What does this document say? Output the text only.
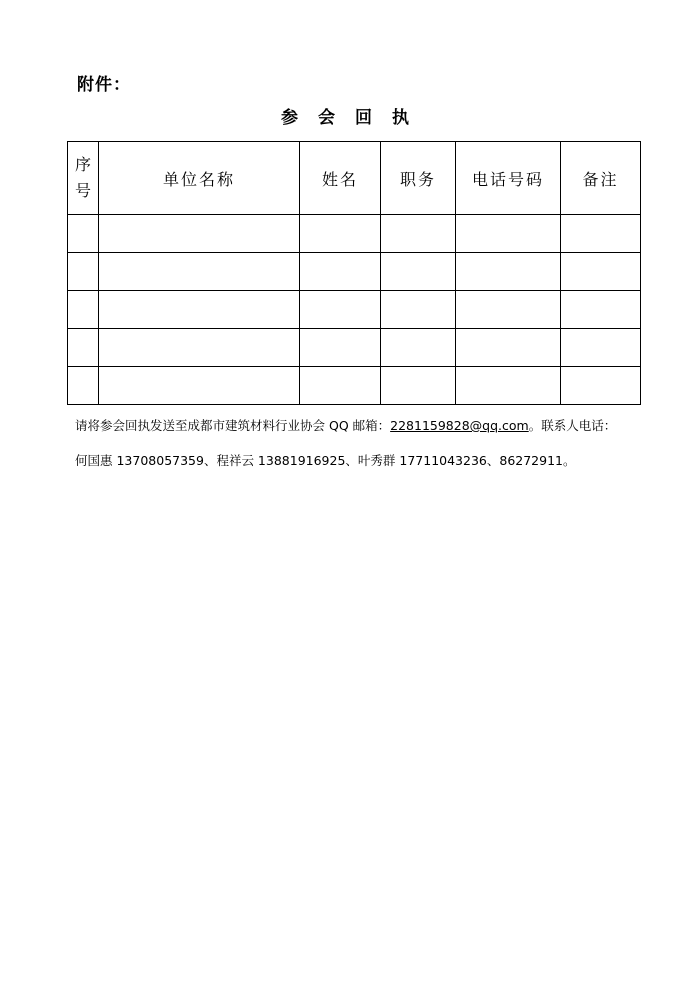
附件：
参会回执
序号	单位名称	姓名	职务	电话号码	备注

请将参会回执发送至成都市建筑材料行业协会 QQ 邮箱：2281159828@qq.com。联系人电话：
何国惠 13708057359、程祥云 13881916925、叶秀群 17711043236、86272911。
